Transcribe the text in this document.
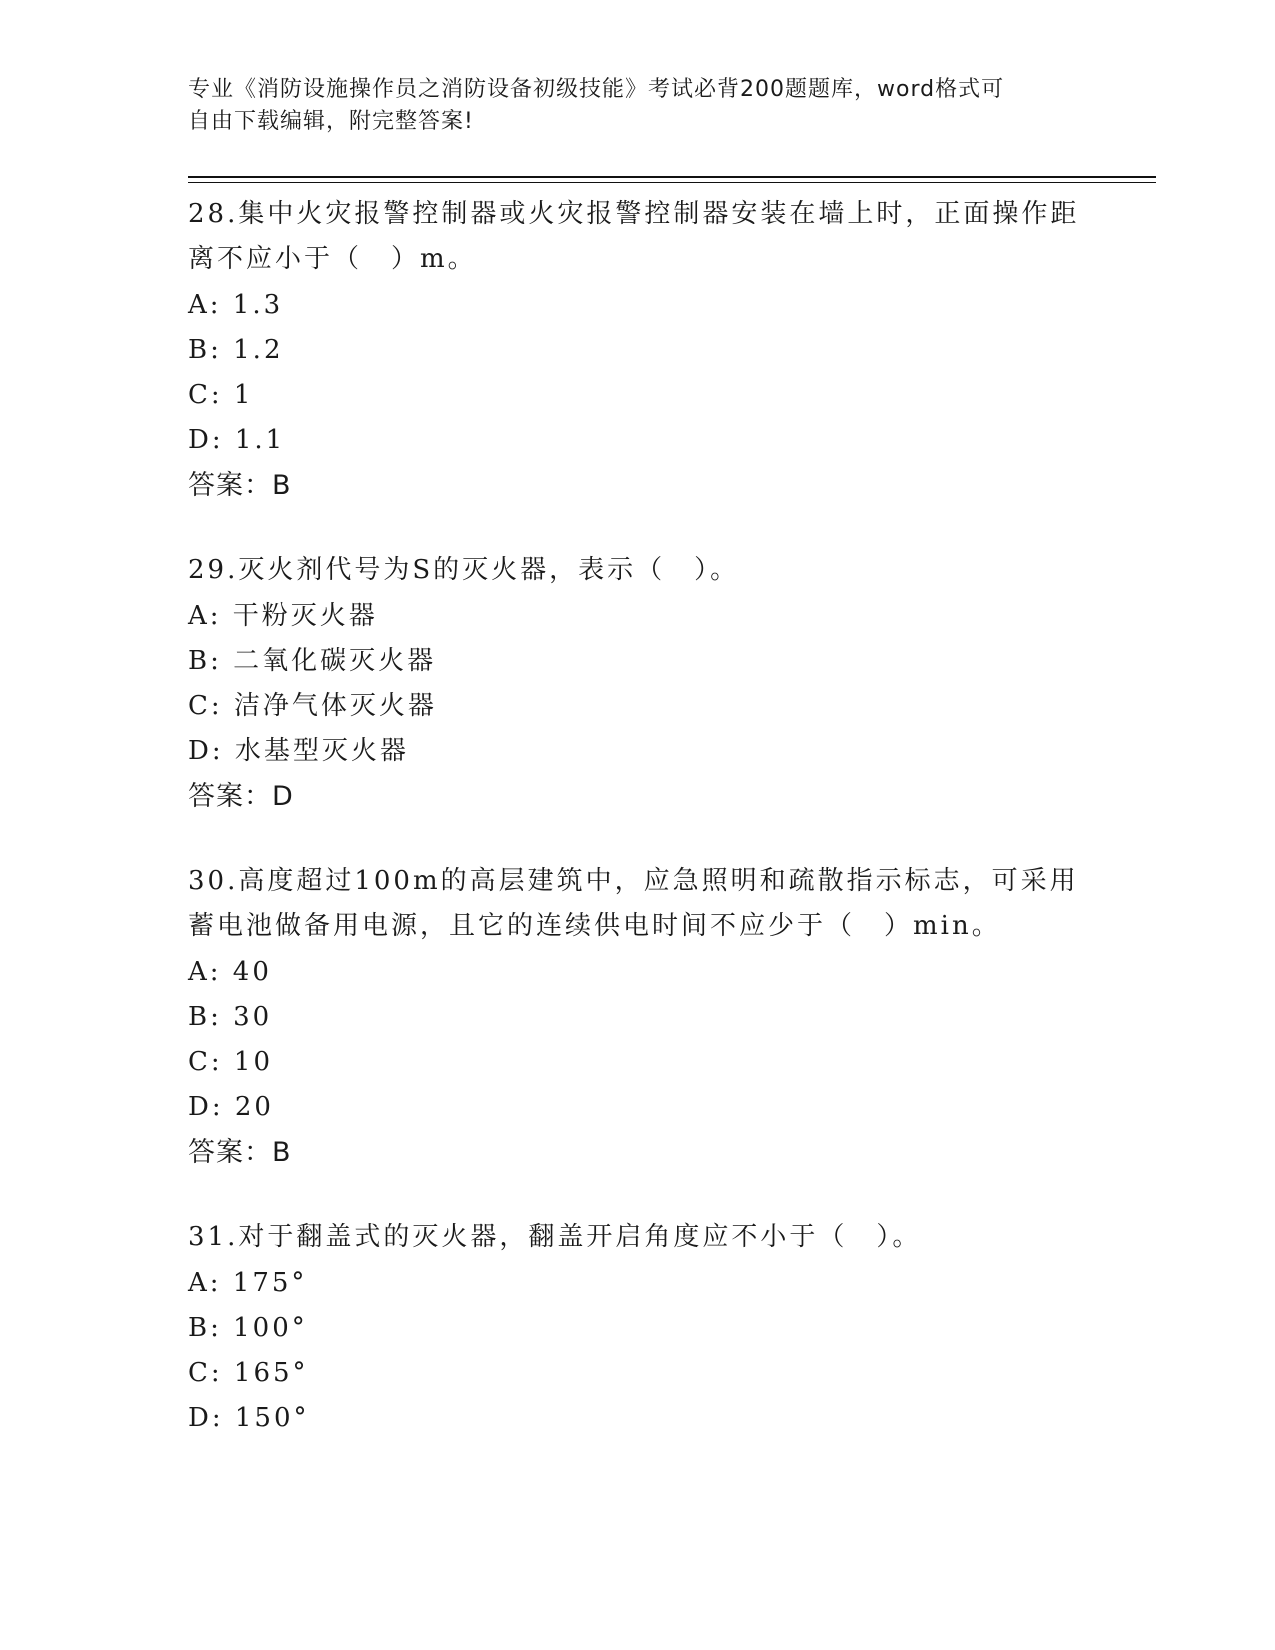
专业《消防设施操作员之消防设备初级技能》考试必背200题题库，word格式可
自由下载编辑，附完整答案!
28.集中火灾报警控制器或火灾报警控制器安装在墙上时，正面操作距
离不应小于（　）m。
A: 1.3
B: 1.2
C: 1
D: 1.1
答案：B
29.灭火剂代号为S的灭火器，表示（　）。
A: 干粉灭火器
B: 二氧化碳灭火器
C: 洁净气体灭火器
D: 水基型灭火器
答案：D
30.高度超过100m的高层建筑中，应急照明和疏散指示标志，可采用
蓄电池做备用电源，且它的连续供电时间不应少于（　）min。
A: 40
B: 30
C: 10
D: 20
答案：B
31.对于翻盖式的灭火器，翻盖开启角度应不小于（　）。
A: 175°
B: 100°
C: 165°
D: 150°
